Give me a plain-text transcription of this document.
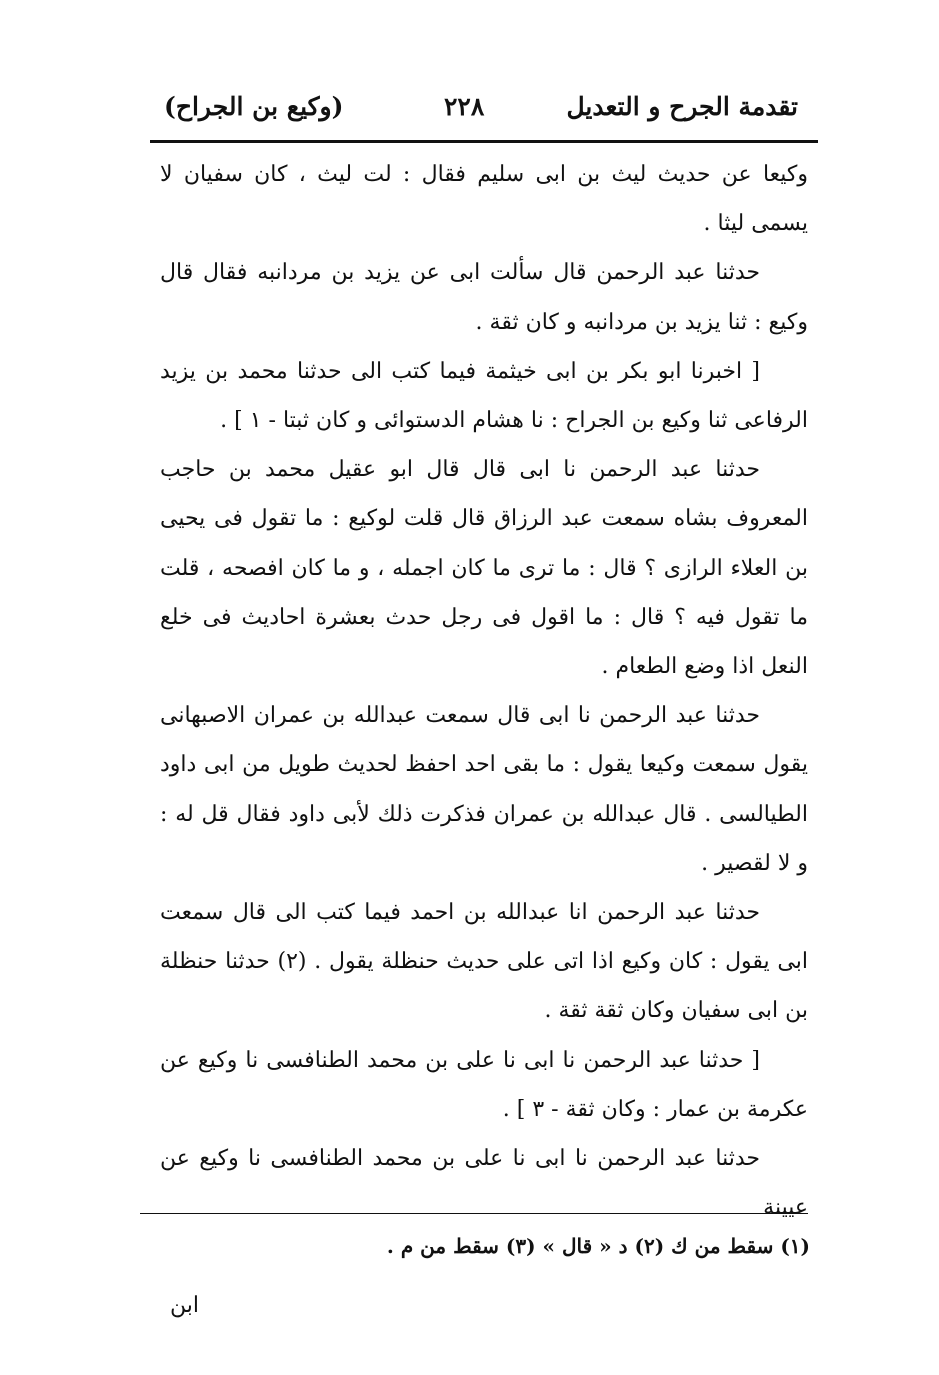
تقدمة الجرح و التعديل
٢٢٨
(وكيع بن الجراح)

وكيعا عن حديث ليث بن ابى سليم فقال : لت ليث ، كان سفيان لا يسمى ليثا .

حدثنا عبد الرحمن قال سألت ابى عن يزيد بن مردانبه فقال قال وكيع : ثنا يزيد بن مردانبه و كان ثقة .

[ اخبرنا ابو بكر بن ابى خيثمة فيما كتب الى حدثنا محمد بن يزيد الرفاعى ثنا وكيع بن الجراح : نا هشام الدستوائى و كان ثبتا - ١ ] .

حدثنا عبد الرحمن نا ابى قال قال ابو عقيل محمد بن حاجب المعروف بشاه سمعت عبد الرزاق قال قلت لوكيع : ما تقول فى يحيى بن العلاء الرازى ؟ قال : ما ترى ما كان اجمله ، و ما كان افصحه ، قلت ما تقول فيه ؟ قال : ما اقول فى رجل حدث بعشرة احاديث فى خلع النعل اذا وضع الطعام .

حدثنا عبد الرحمن نا ابى قال سمعت عبدالله بن عمران الاصبهانى يقول سمعت وكيعا يقول : ما بقى احد احفظ لحديث طويل من ابى داود الطيالسى . قال عبدالله بن عمران فذكرت ذلك لأبى داود فقال قل له : و لا لقصير .

حدثنا عبد الرحمن انا عبدالله بن احمد فيما كتب الى قال سمعت ابى يقول : كان وكيع اذا اتى على حديث حنظلة يقول . (٢) حدثنا حنظلة بن ابى سفيان وكان ثقة ثقة .

[ حدثنا عبد الرحمن نا ابى نا على بن محمد الطنافسى نا وكيع عن عكرمة بن عمار : وكان ثقة - ٣ ] .

حدثنا عبد الرحمن نا ابى نا على بن محمد الطنافسى نا وكيع عن عيينة

(١) سقط من ك (٢) د « قال » (٣) سقط من م .
ابن
